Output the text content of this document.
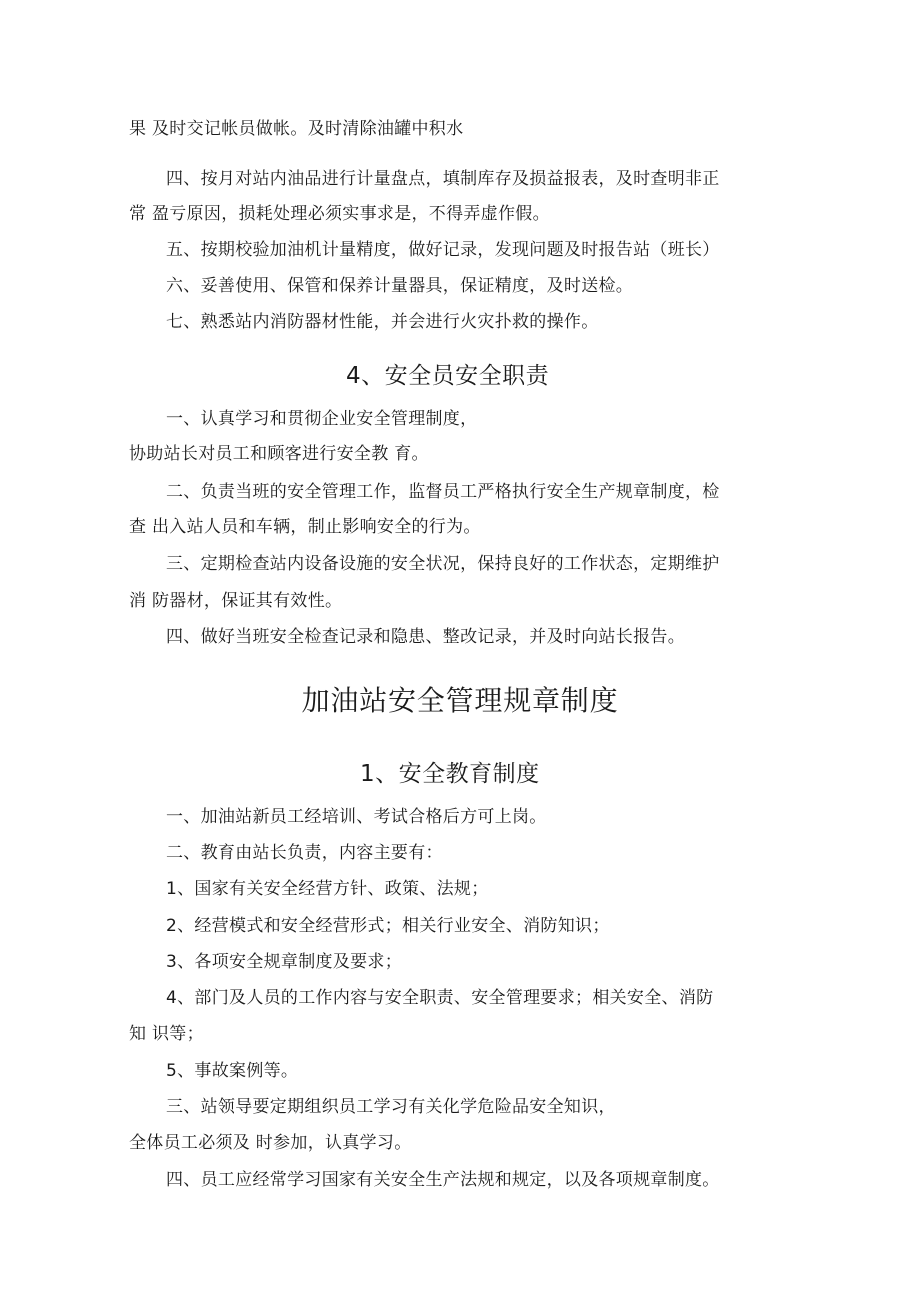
果 及时交记帐员做帐。及时清除油罐中积水
四、按月对站内油品进行计量盘点，填制库存及损益报表，及时查明非正
常 盈亏原因，损耗处理必须实事求是，不得弄虚作假。
五、按期校验加油机计量精度，做好记录，发现问题及时报告站（班长）
六、妥善使用、保管和保养计量器具，保证精度，及时送检。
七、熟悉站内消防器材性能，并会进行火灾扑救的操作。
4、安全员安全职责
一、认真学习和贯彻企业安全管理制度，
协助站长对员工和顾客进行安全教 育。
二、负责当班的安全管理工作，监督员工严格执行安全生产规章制度，检
查 出入站人员和车辆，制止影响安全的行为。
三、定期检查站内设备设施的安全状况，保持良好的工作状态，定期维护
消 防器材，保证其有效性。
四、做好当班安全检查记录和隐患、整改记录，并及时向站长报告。
加油站安全管理规章制度
1、安全教育制度
一、加油站新员工经培训、考试合格后方可上岗。
二、教育由站长负责，内容主要有：
1、国家有关安全经营方针、政策、法规；
2、经营模式和安全经营形式；相关行业安全、消防知识；
3、各项安全规章制度及要求；
4、部门及人员的工作内容与安全职责、安全管理要求；相关安全、消防
知 识等；
5、事故案例等。
三、站领导要定期组织员工学习有关化学危险品安全知识，
全体员工必须及 时参加，认真学习。
四、员工应经常学习国家有关安全生产法规和规定，以及各项规章制度。
